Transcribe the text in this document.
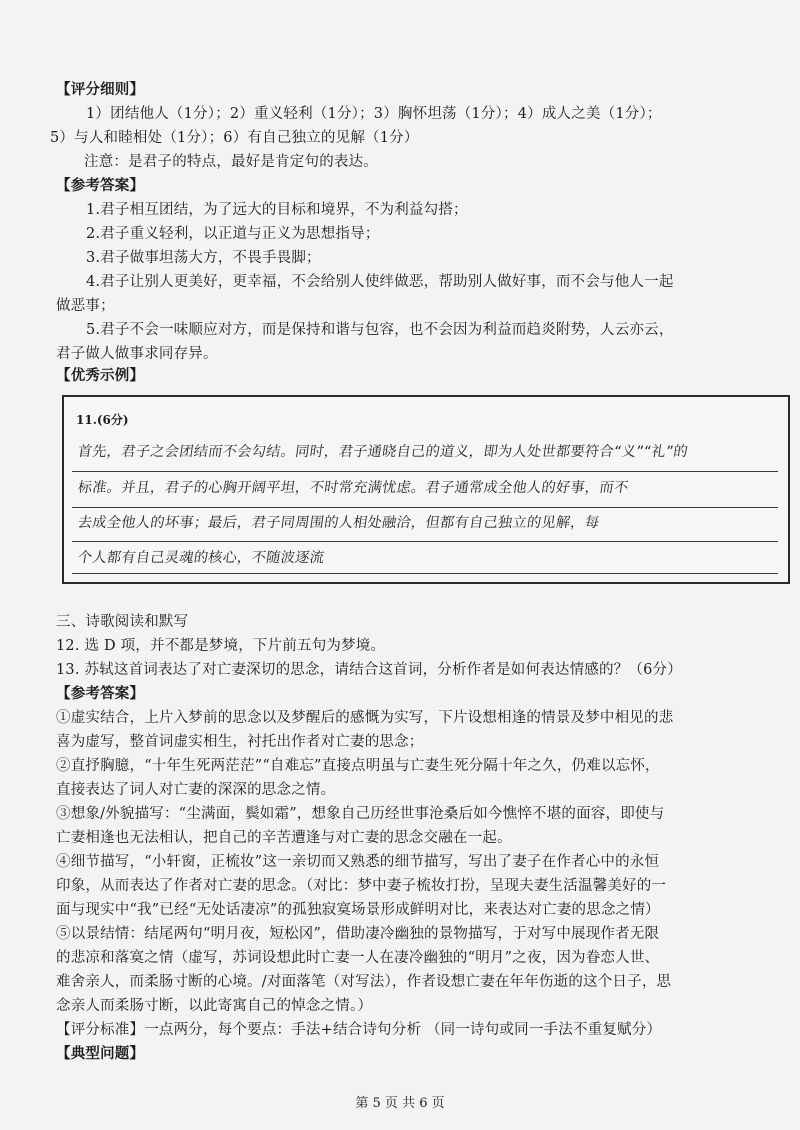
【评分细则】
1）团结他人（1分）；2）重义轻利（1分）；3）胸怀坦荡（1分）；4）成人之美（1分）；
5）与人和睦相处（1分）；6）有自己独立的见解（1分）
注意：是君子的特点，最好是肯定句的表达。
【参考答案】
1.君子相互团结，为了远大的目标和境界，不为利益勾搭；
2.君子重义轻利，以正道与正义为思想指导；
3.君子做事坦荡大方，不畏手畏脚；
4.君子让别人更美好，更幸福，不会给别人使绊做恶，帮助别人做好事，而不会与他人一起
做恶事；
5.君子不会一味顺应对方，而是保持和谐与包容，也不会因为利益而趋炎附势，人云亦云，
君子做人做事求同存异。
【优秀示例】
11.(6分)
首先，君子之会团结而不会勾结。同时，君子通晓自己的道义，即为人处世都要符合“义”“礼”的
标准。并且，君子的心胸开阔平坦，不时常充满忧虑。君子通常成全他人的好事，而不
去成全他人的坏事；最后，君子同周围的人相处融洽，但都有自己独立的见解，每
个人都有自己灵魂的核心，不随波逐流
三、诗歌阅读和默写
12. 选 D 项，并不都是梦境，下片前五句为梦境。
13. 苏轼这首词表达了对亡妻深切的思念，请结合这首词，分析作者是如何表达情感的？（6分）
【参考答案】
①虚实结合，上片入梦前的思念以及梦醒后的感慨为实写，下片设想相逢的情景及梦中相见的悲
喜为虚写，整首词虚实相生，衬托出作者对亡妻的思念；
②直抒胸臆，“十年生死两茫茫”“自难忘”直接点明虽与亡妻生死分隔十年之久，仍难以忘怀，
直接表达了词人对亡妻的深深的思念之情。
③想象/外貌描写：“尘满面，鬓如霜”，想象自己历经世事沧桑后如今憔悴不堪的面容，即使与
亡妻相逢也无法相认，把自己的辛苦遭逢与对亡妻的思念交融在一起。
④细节描写，“小轩窗，正梳妆”这一亲切而又熟悉的细节描写，写出了妻子在作者心中的永恒
印象，从而表达了作者对亡妻的思念。（对比：梦中妻子梳妆打扮，呈现夫妻生活温馨美好的一
面与现实中“我”已经“无处话凄凉”的孤独寂寞场景形成鲜明对比，来表达对亡妻的思念之情）
⑤以景结情：结尾两句“明月夜，短松冈”，借助凄冷幽独的景物描写，于对写中展现作者无限
的悲凉和落寞之情（虚写，苏词设想此时亡妻一人在凄冷幽独的“明月”之夜，因为眷恋人世、
难舍亲人，而柔肠寸断的心境。/对面落笔（对写法），作者设想亡妻在年年伤逝的这个日子，思
念亲人而柔肠寸断，以此寄寓自己的悼念之情。）
【评分标准】一点两分，每个要点：手法+结合诗句分析 （同一诗句或同一手法不重复赋分）
【典型问题】
第 5 页 共 6 页
